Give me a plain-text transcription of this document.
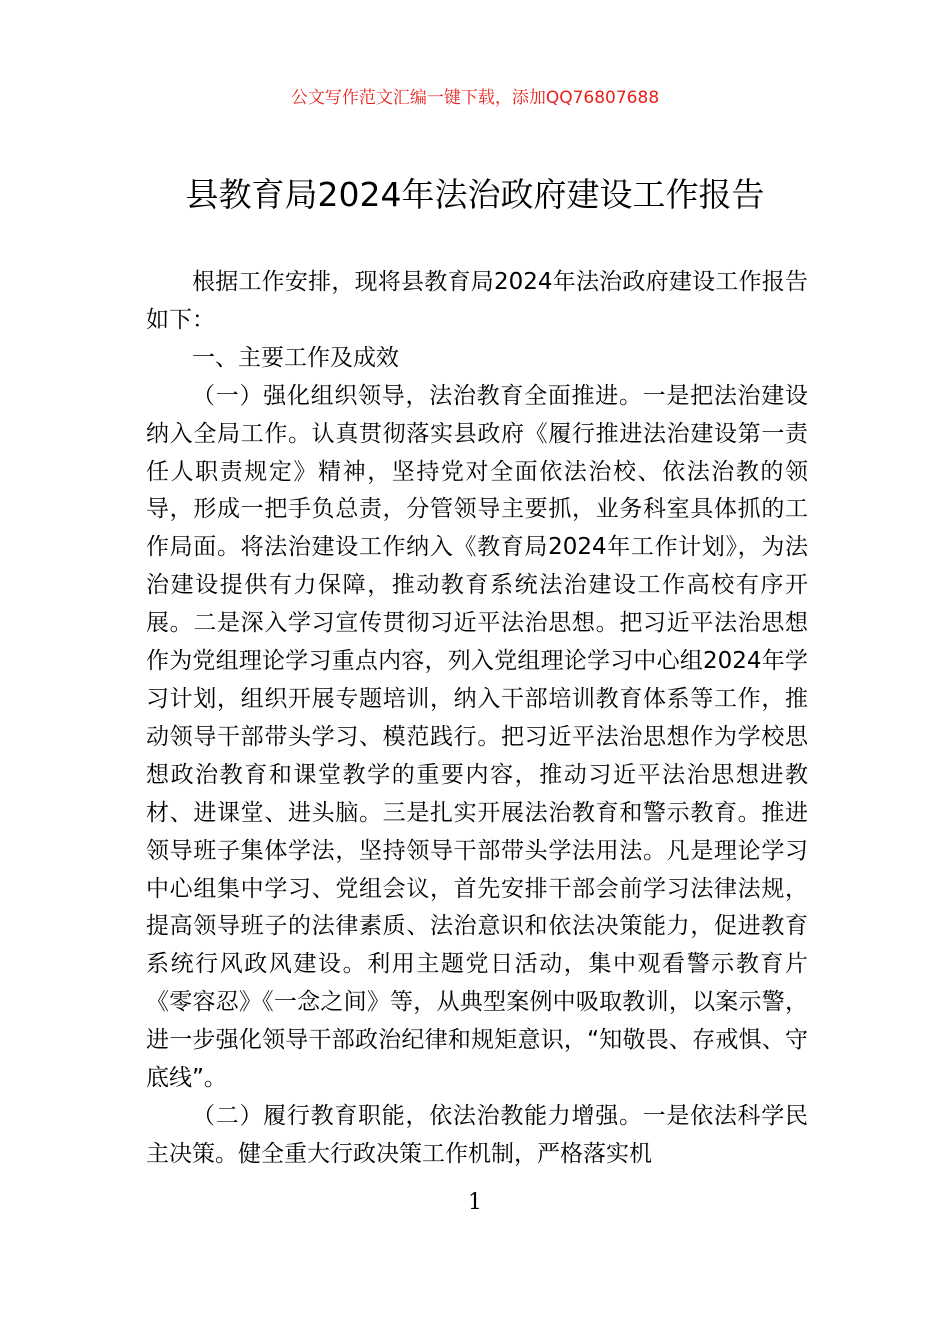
公文写作范文汇编一键下载，添加QQ76807688
县教育局2024年法治政府建设工作报告

根据工作安排，现将县教育局2024年法治政府建设工作报告如下：

一、主要工作及成效

（一）强化组织领导，法治教育全面推进。一是把法治建设纳入全局工作。认真贯彻落实县政府《履行推进法治建设第一责任人职责规定》精神，坚持党对全面依法治校、依法治教的领导，形成一把手负总责，分管领导主要抓，业务科室具体抓的工作局面。将法治建设工作纳入《教育局2024年工作计划》，为法治建设提供有力保障，推动教育系统法治建设工作高校有序开展。二是深入学习宣传贯彻习近平法治思想。把习近平法治思想作为党组理论学习重点内容，列入党组理论学习中心组2024年学习计划，组织开展专题培训，纳入干部培训教育体系等工作，推动领导干部带头学习、模范践行。把习近平法治思想作为学校思想政治教育和课堂教学的重要内容，推动习近平法治思想进教材、进课堂、进头脑。三是扎实开展法治教育和警示教育。推进领导班子集体学法，坚持领导干部带头学法用法。凡是理论学习中心组集中学习、党组会议，首先安排干部会前学习法律法规，提高领导班子的法律素质、法治意识和依法决策能力，促进教育系统行风政风建设。利用主题党日活动，集中观看警示教育片《零容忍》《一念之间》等，从典型案例中吸取教训，以案示警，进一步强化领导干部政治纪律和规矩意识，“知敬畏、存戒惧、守底线”。

（二）履行教育职能，依法治教能力增强。一是依法科学民主决策。健全重大行政决策工作机制，严格落实机

1
